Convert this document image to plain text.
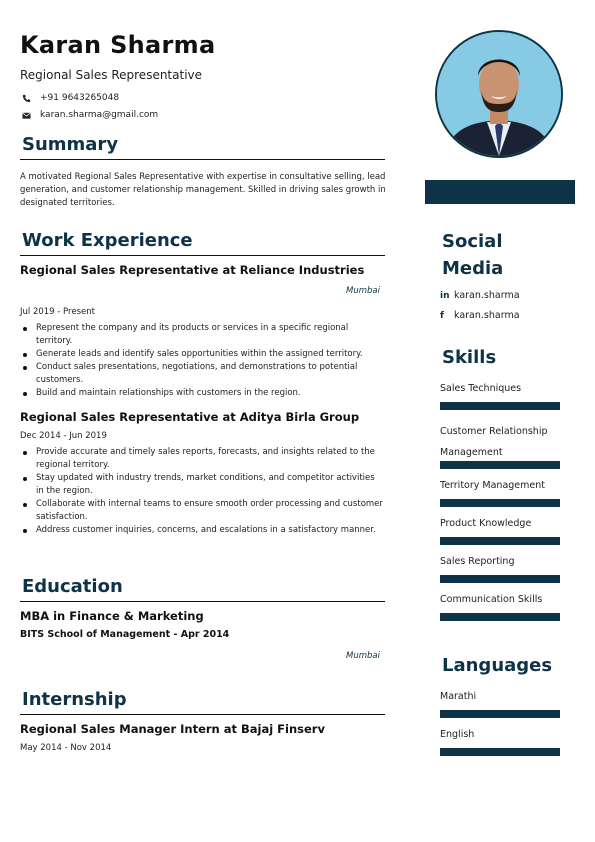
Karan Sharma
Regional Sales Representative
+91 9643265048
karan.sharma@gmail.com
Summary
A motivated Regional Sales Representative with expertise in consultative selling, lead generation, and customer relationship management. Skilled in driving sales growth in designated territories.
Work Experience
Regional Sales Representative at Reliance Industries
Mumbai
Jul 2019 - Present
Represent the company and its products or services in a specific regional territory.
Generate leads and identify sales opportunities within the assigned territory.
Conduct sales presentations, negotiations, and demonstrations to potential customers.
Build and maintain relationships with customers in the region.
Regional Sales Representative at Aditya Birla Group
Dec 2014 - Jun 2019
Provide accurate and timely sales reports, forecasts, and insights related to the regional territory.
Stay updated with industry trends, market conditions, and competitor activities in the region.
Collaborate with internal teams to ensure smooth order processing and customer satisfaction.
Address customer inquiries, concerns, and escalations in a satisfactory manner.
Education
MBA in Finance & Marketing
BITS School of Management - Apr 2014
Mumbai
Internship
Regional Sales Manager Intern at Bajaj Finserv
May 2014 - Nov 2014
Social
Media
in karan.sharma
f	karan.sharma
Skills
Sales Techniques
Customer Relationship
Management
Territory Management
Product Knowledge
Sales Reporting
Communication Skills
Languages
Marathi
English
